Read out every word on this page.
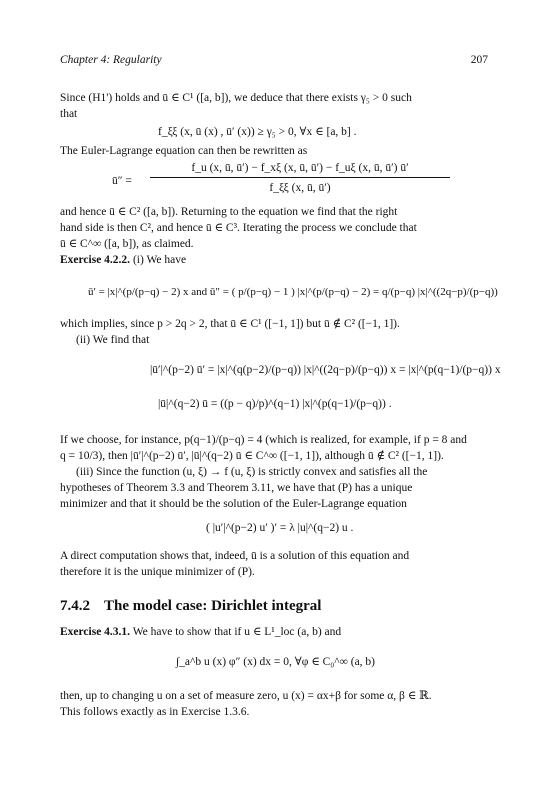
Chapter 4: Regularity	207
Since (H1') holds and ū ∈ C¹ ([a, b]), we deduce that there exists γ₅ > 0 such
that
f_ξξ (x, ū (x) , ū′ (x)) ≥ γ₅ > 0, ∀x ∈ [a, b] .
The Euler-Lagrange equation can then be rewritten as
ū″ =
f_u (x, ū, ū′) − f_xξ (x, ū, ū′) − f_uξ (x, ū, ū′) ū′
f_ξξ (x, ū, ū′)
and hence ū ∈ C² ([a, b]). Returning to the equation we find that the right
hand side is then C², and hence ū ∈ C³. Iterating the process we conclude that
ū ∈ C^∞ ([a, b]), as claimed.
Exercise 4.2.2. (i) We have
ū′ = |x|^(p/(p−q) − 2) x and ū″ = ( p/(p−q) − 1 ) |x|^(p/(p−q) − 2) = q/(p−q) |x|^((2q−p)/(p−q))
which implies, since p > 2q > 2, that ū ∈ C¹ ([−1, 1]) but ū ∉ C² ([−1, 1]).
(ii) We find that
|ū′|^(p−2) ū′ = |x|^(q(p−2)/(p−q)) |x|^((2q−p)/(p−q)) x = |x|^(p(q−1)/(p−q)) x
|ū|^(q−2) ū = ((p − q)/p)^(q−1) |x|^(p(q−1)/(p−q)) .
If we choose, for instance, p(q−1)/(p−q) = 4 (which is realized, for example, if p = 8 and
q = 10/3), then |ū′|^(p−2) ū′, |ū|^(q−2) ū ∈ C^∞ ([−1, 1]), although ū ∉ C² ([−1, 1]).
(iii) Since the function (u, ξ) → f (u, ξ) is strictly convex and satisfies all the
hypotheses of Theorem 3.3 and Theorem 3.11, we have that (P) has a unique
minimizer and that it should be the solution of the Euler-Lagrange equation
( |u′|^(p−2) u′ )′ = λ |u|^(q−2) u .
A direct computation shows that, indeed, ū is a solution of this equation and
therefore it is the unique minimizer of (P).
7.4.2 The model case: Dirichlet integral
Exercise 4.3.1. We have to show that if u ∈ L¹_loc (a, b) and
∫_a^b u (x) φ″ (x) dx = 0, ∀φ ∈ C₀^∞ (a, b)
then, up to changing u on a set of measure zero, u (x) = αx+β for some α, β ∈ ℝ.
This follows exactly as in Exercise 1.3.6.
